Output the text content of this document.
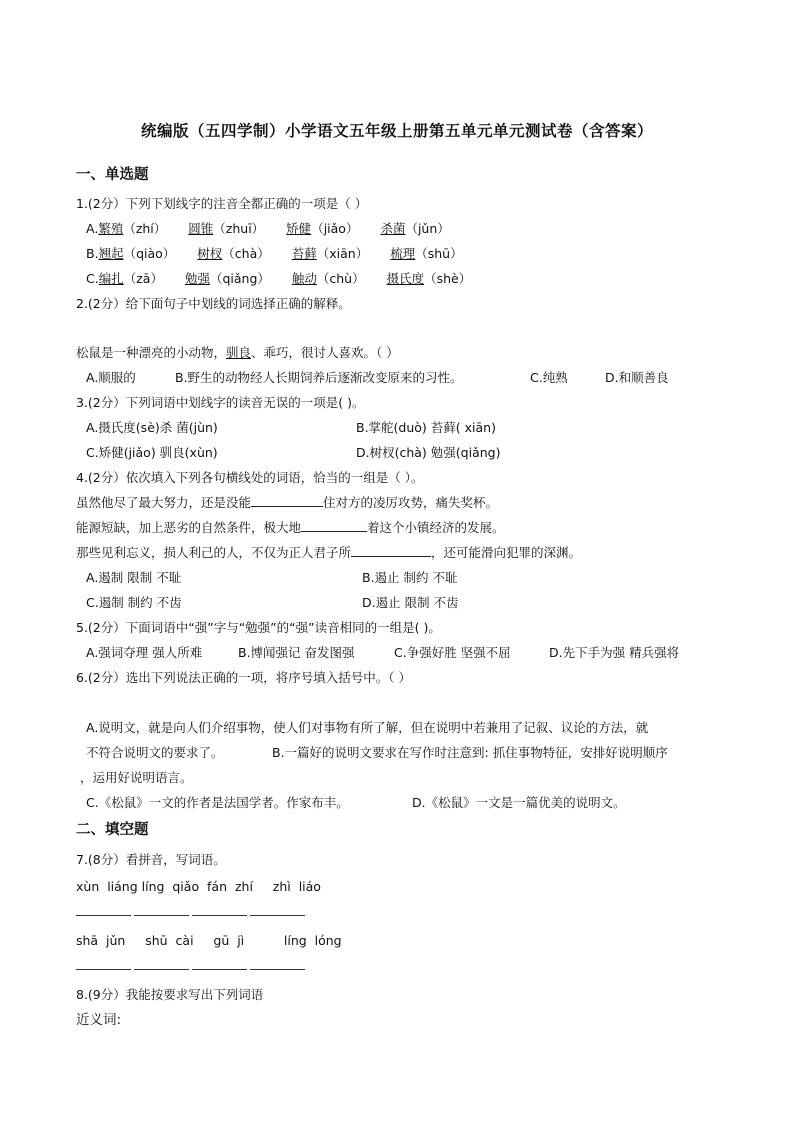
统编版（五四学制）小学语文五年级上册第五单元单元测试卷（含答案）
一、单选题
1.(2分）下列下划线字的注音全都正确的一项是（ ）
A.繁殖（zhí） 圆锥（zhuī） 矫健（jiǎo） 杀菌（jǔn）
B.翘起（qiào） 树杈（chà） 苔藓（xiān） 梳理（shū）
C.编扎（zā） 勉强（qiǎng） 触动（chù） 摄氏度（shè）
2.(2分）给下面句子中划线的词选择正确的解释。
松鼠是一种漂亮的小动物，驯良、乖巧，很讨人喜欢。（ ）
A.顺服的	B.野生的动物经人长期饲养后逐渐改变原来的习性。	C.纯熟	D.和顺善良
3.(2分）下列词语中划线字的读音无误的一项是( )。
A.摄氏度(sè)杀 菌(jùn)	B.掌舵(duò) 苔藓( xiān)
C.矫健(jiǎo) 驯良(xùn)	D.树杈(chà) 勉强(qiǎng)
4.(2分）依次填入下列各句横线处的词语，恰当的一组是（ ）。
虽然他尽了最大努力，还是没能	住对方的凌厉攻势，痛失奖杯。
能源短缺，加上恶劣的自然条件，极大地	着这个小镇经济的发展。
那些见利忘义，损人利己的人，不仅为正人君子所	，还可能滑向犯罪的深渊。
A.遏制 限制 不耻	B.遏止 制约 不耻
C.遏制 制约 不齿	D.遏止 限制 不齿
5.(2分）下面词语中“强”字与“勉强”的“强”读音相同的一组是( )。
A.强词夺理 强人所难	B.博闻强记 奋发图强	C.争强好胜 坚强不屈	D.先下手为强 精兵强将
6.(2分）选出下列说法正确的一项，将序号填入括号中。（ ）
A.说明文，就是向人们介绍事物，使人们对事物有所了解，但在说明中若兼用了记叙、议论的方法，就
不符合说明文的要求了。	B.一篇好的说明文要求在写作时注意到: 抓住事物特征，安排好说明顺序
，运用好说明语言。
C.《松鼠》一文的作者是法国学者。作家布丰。	D.《松鼠》一文是一篇优美的说明文。
二、填空题
7.(8分）看拼音，写词语。
xùn  liáng líng  qiǎo  fán  zhí     zhì  liáo
shā  jǔn     shū  cài     gū  jì          líng  lóng
8.(9分）我能按要求写出下列词语
近义词:
